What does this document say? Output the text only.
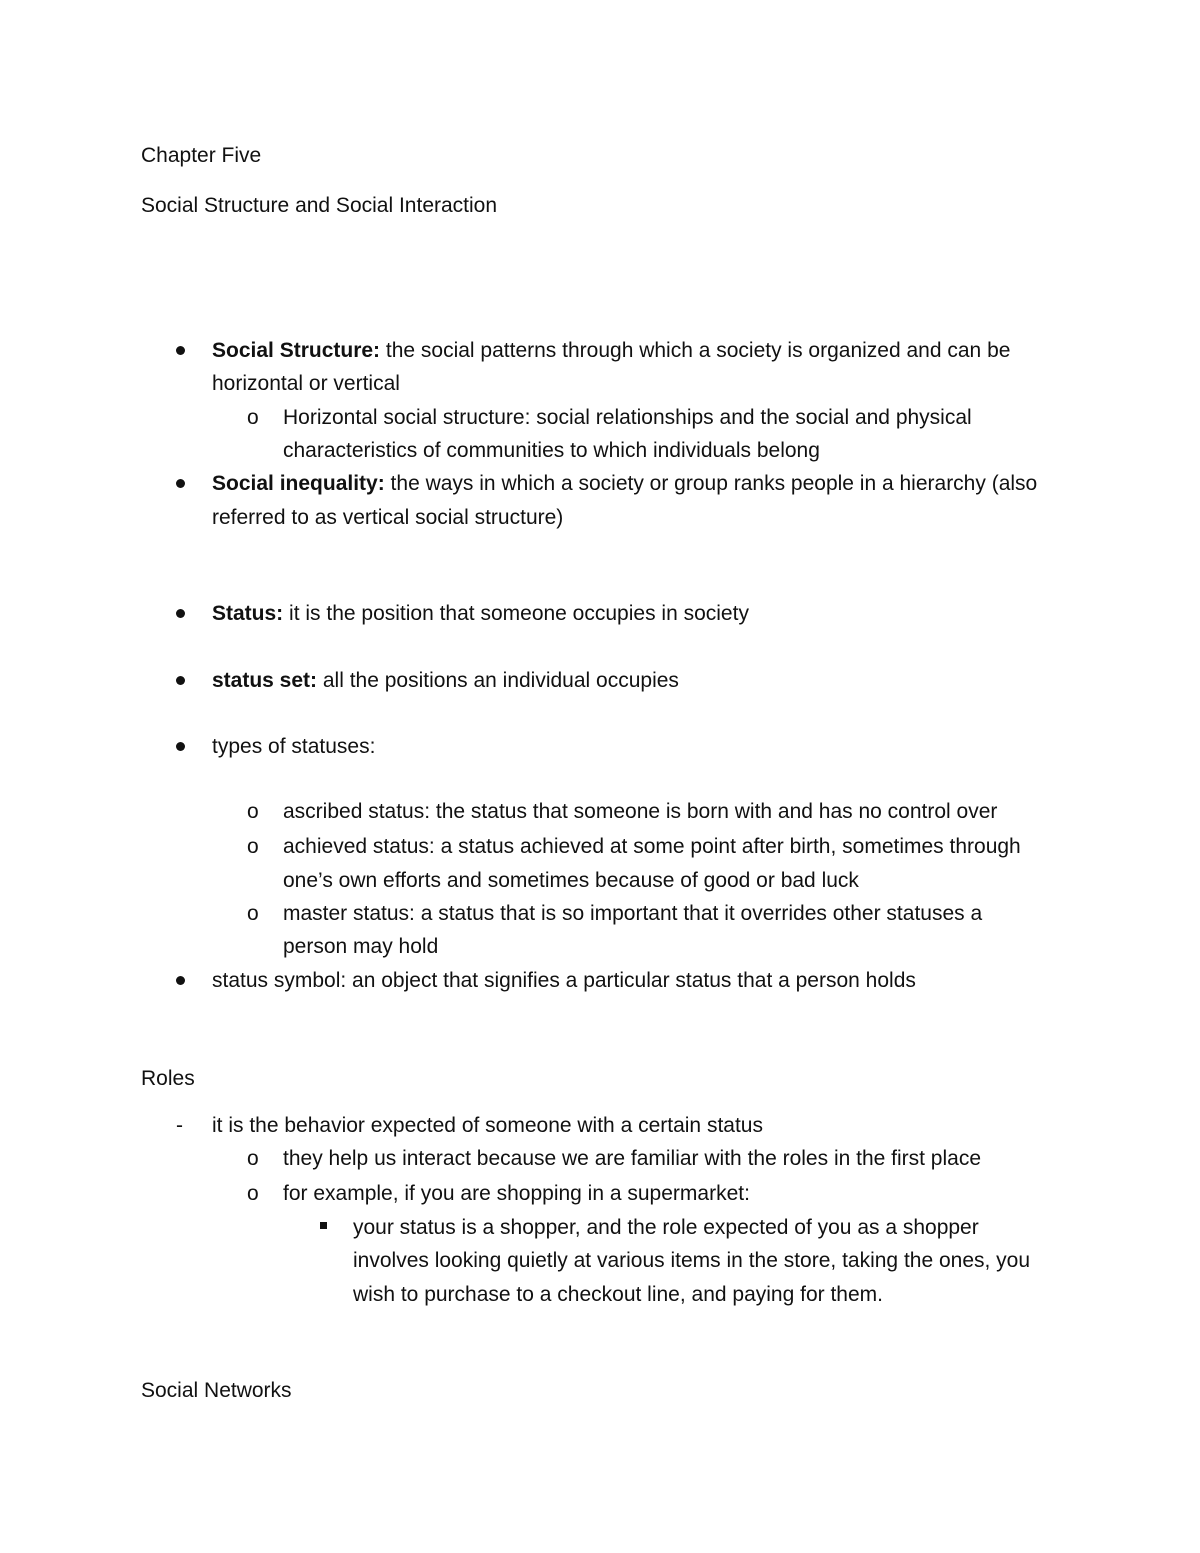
Chapter Five

Social Structure and Social Interaction

Social Structure: the social patterns through which a society is organized and can be

horizontal or vertical

o Horizontal social structure: social relationships and the social and physical

characteristics of communities to which individuals belong

Social inequality: the ways in which a society or group ranks people in a hierarchy (also

referred to as vertical social structure)

Status: it is the position that someone occupies in society

status set: all the positions an individual occupies

types of statuses:

o ascribed status: the status that someone is born with and has no control over

o achieved status: a status achieved at some point after birth, sometimes through

one’s own efforts and sometimes because of good or bad luck

o master status: a status that is so important that it overrides other statuses a

person may hold

status symbol: an object that signifies a particular status that a person holds

Roles

- it is the behavior expected of someone with a certain status

o they help us interact because we are familiar with the roles in the first place

o for example, if you are shopping in a supermarket:

your status is a shopper, and the role expected of you as a shopper

involves looking quietly at various items in the store, taking the ones, you

wish to purchase to a checkout line, and paying for them.

Social Networks
